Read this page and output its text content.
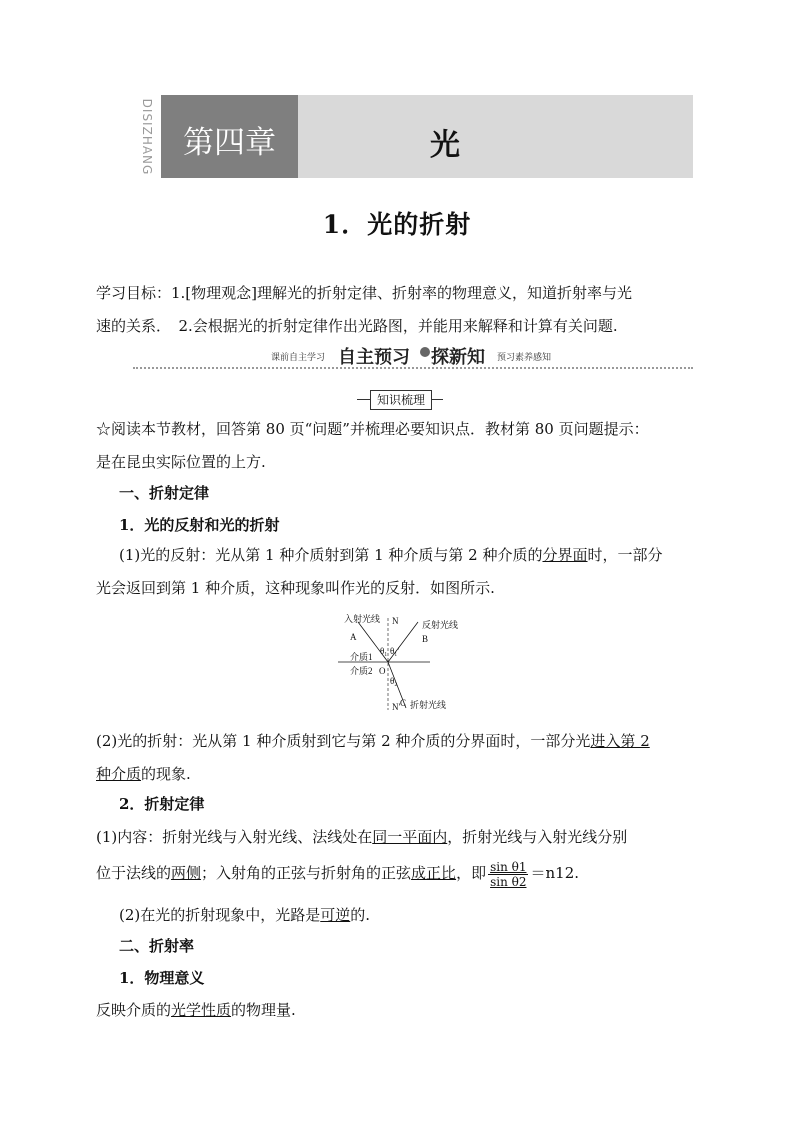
DISIZHANG 第四章	光
1．光的折射
学习目标：1.[物理观念]理解光的折射定律、折射率的物理意义，知道折射率与光
速的关系．　2.会根据光的折射定律作出光路图，并能用来解释和计算有关问题.
课前自主学习 自主预习 探新知 预习素养感知
知识梳理
☆阅读本节教材，回答第 80 页“问题”并梳理必要知识点．教材第 80 页问题提示：
是在昆虫实际位置的上方.
一、折射定律
1．光的反射和光的折射
(1)光的反射：光从第 1 种介质射到第 1 种介质与第 2 种介质的分界面时，一部分
光会返回到第 1 种介质，这种现象叫作光的反射．如图所示.
入射光线
反射光线
折射光线
A	B
C
N
N′
O
介质1
介质2
θ₁ θ₁′
θ₂
(2)光的折射：光从第 1 种介质射到它与第 2 种介质的分界面时，一部分光进入第 2
种介质的现象.
2．折射定律
(1)内容：折射光线与入射光线、法线处在同一平面内，折射光线与入射光线分别
位于法线的两侧；入射角的正弦与折射角的正弦成正比，即 $\frac{\text{sin θ1}}{\text{sin θ2}} =n12$.
(2)在光的折射现象中，光路是可逆的.
二、折射率
1．物理意义
反映介质的光学性质的物理量.
